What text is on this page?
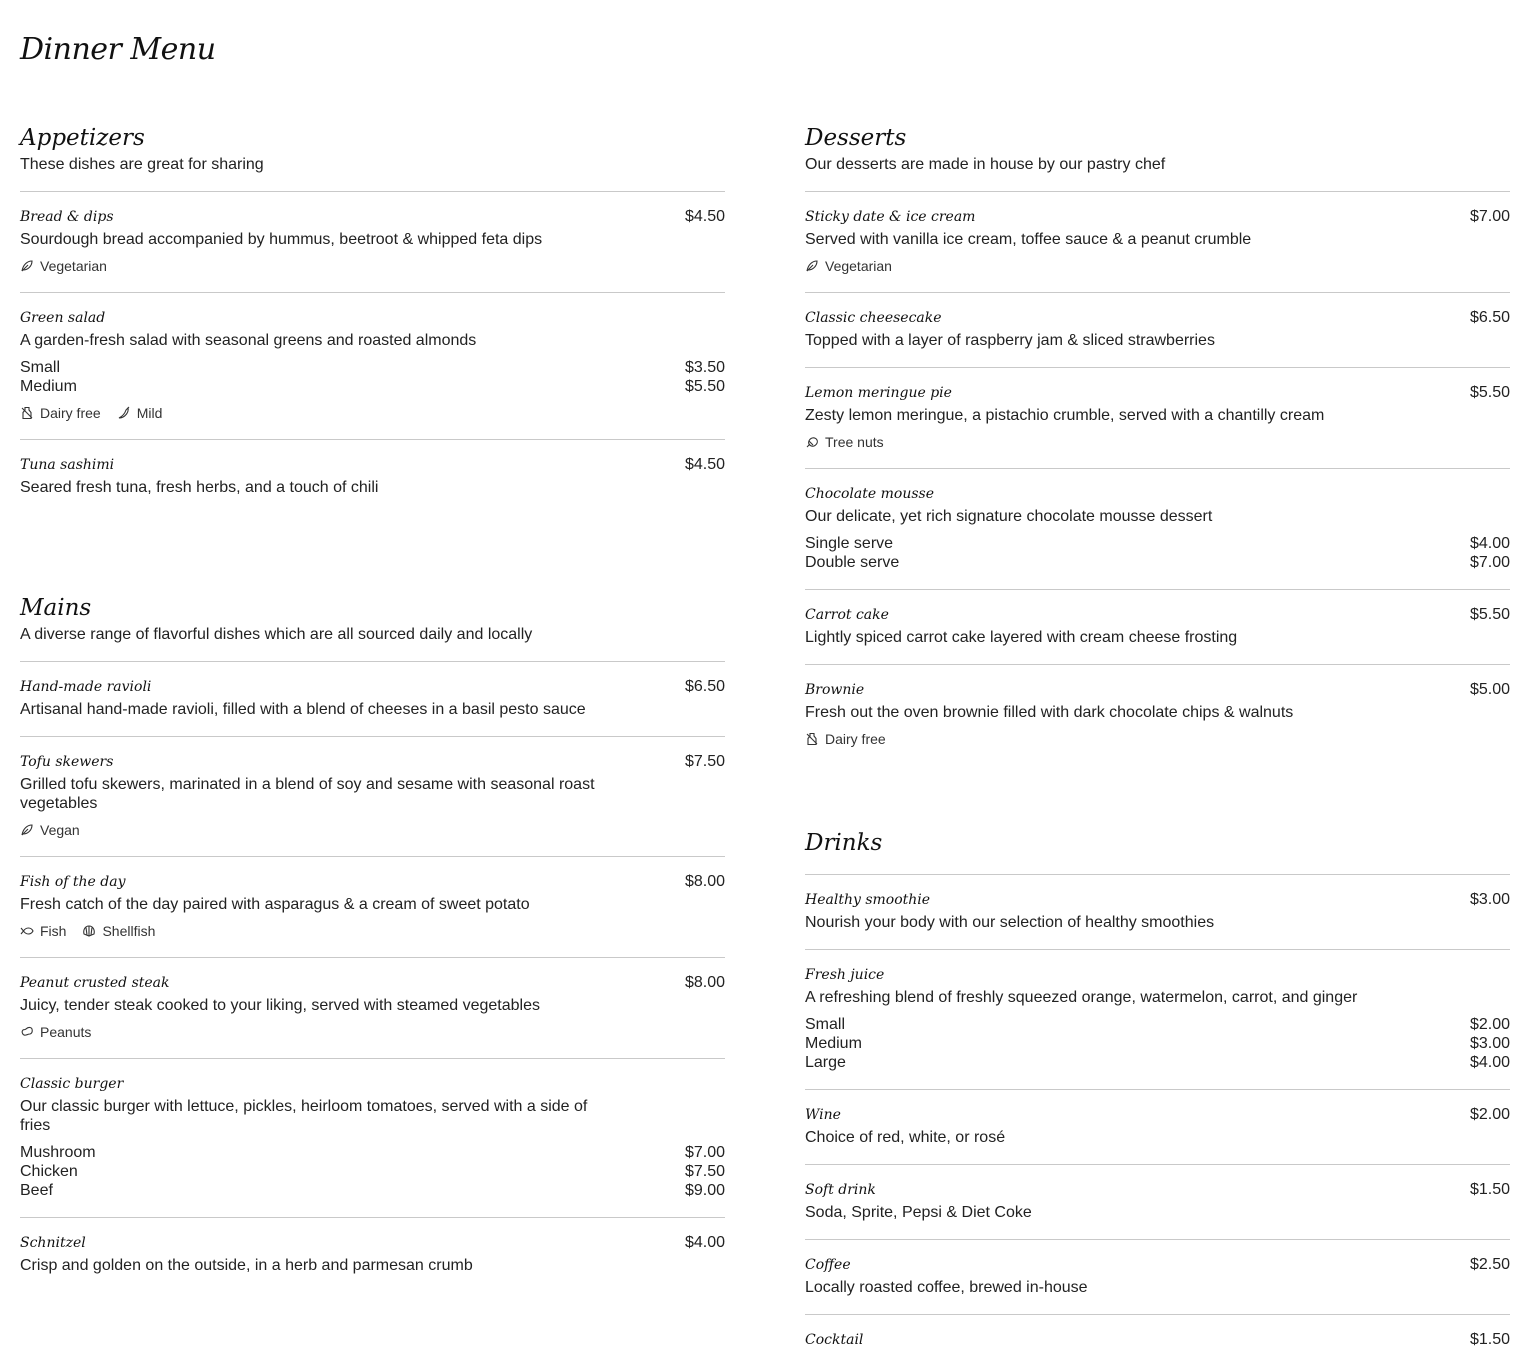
Dinner Menu
Appetizers
These dishes are great for sharing
Bread & dips	$4.50
Sourdough bread accompanied by hummus, beetroot & whipped feta dips
Vegetarian
Green salad
A garden-fresh salad with seasonal greens and roasted almonds
Small	$3.50
Medium	$5.50
Dairy free	Mild
Tuna sashimi	$4.50
Seared fresh tuna, fresh herbs, and a touch of chili
Mains
A diverse range of flavorful dishes which are all sourced daily and locally
Hand-made ravioli	$6.50
Artisanal hand-made ravioli, filled with a blend of cheeses in a basil pesto sauce
Tofu skewers	$7.50
Grilled tofu skewers, marinated in a blend of soy and sesame with seasonal roast vegetables
Vegan
Fish of the day	$8.00
Fresh catch of the day paired with asparagus & a cream of sweet potato
Fish	Shellfish
Peanut crusted steak	$8.00
Juicy, tender steak cooked to your liking, served with steamed vegetables
Peanuts
Classic burger
Our classic burger with lettuce, pickles, heirloom tomatoes, served with a side of fries
Mushroom	$7.00
Chicken	$7.50
Beef	$9.00
Schnitzel	$4.00
Crisp and golden on the outside, in a herb and parmesan crumb
Desserts
Our desserts are made in house by our pastry chef
Sticky date & ice cream	$7.00
Served with vanilla ice cream, toffee sauce & a peanut crumble
Vegetarian
Classic cheesecake	$6.50
Topped with a layer of raspberry jam & sliced strawberries
Lemon meringue pie	$5.50
Zesty lemon meringue, a pistachio crumble, served with a chantilly cream
Tree nuts
Chocolate mousse
Our delicate, yet rich signature chocolate mousse dessert
Single serve	$4.00
Double serve	$7.00
Carrot cake	$5.50
Lightly spiced carrot cake layered with cream cheese frosting
Brownie	$5.00
Fresh out the oven brownie filled with dark chocolate chips & walnuts
Dairy free
Drinks
Healthy smoothie	$3.00
Nourish your body with our selection of healthy smoothies
Fresh juice
A refreshing blend of freshly squeezed orange, watermelon, carrot, and ginger
Small	$2.00
Medium	$3.00
Large	$4.00
Wine	$2.00
Choice of red, white, or rosé
Soft drink	$1.50
Soda, Sprite, Pepsi & Diet Coke
Coffee	$2.50
Locally roasted coffee, brewed in-house
Cocktail	$1.50
